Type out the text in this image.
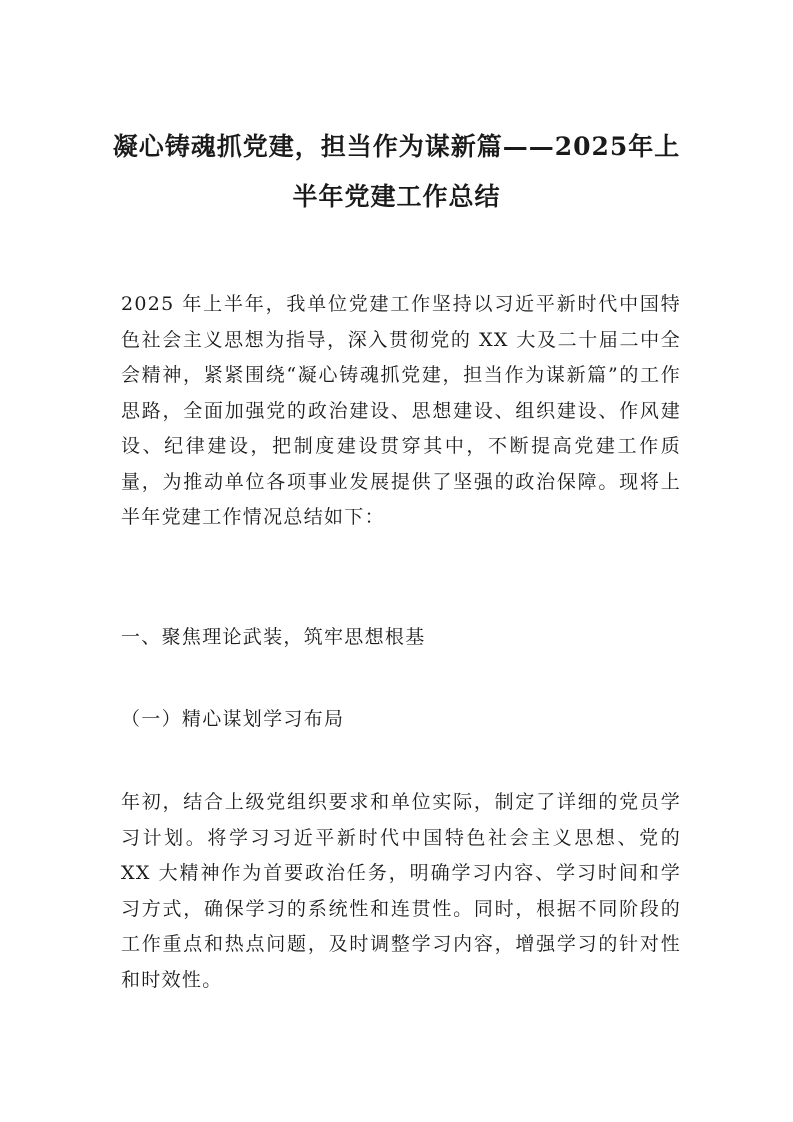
凝心铸魂抓党建，担当作为谋新篇——2025年上半年党建工作总结

2025 年上半年，我单位党建工作坚持以习近平新时代中国特色社会主义思想为指导，深入贯彻党的 XX 大及二十届二中全会精神，紧紧围绕“凝心铸魂抓党建，担当作为谋新篇”的工作思路，全面加强党的政治建设、思想建设、组织建设、作风建设、纪律建设，把制度建设贯穿其中，不断提高党建工作质量，为推动单位各项事业发展提供了坚强的政治保障。现将上半年党建工作情况总结如下：

一、聚焦理论武装，筑牢思想根基

（一）精心谋划学习布局

年初，结合上级党组织要求和单位实际，制定了详细的党员学习计划。将学习习近平新时代中国特色社会主义思想、党的 XX 大精神作为首要政治任务，明确学习内容、学习时间和学习方式，确保学习的系统性和连贯性。同时，根据不同阶段的工作重点和热点问题，及时调整学习内容，增强学习的针对性和时效性。
